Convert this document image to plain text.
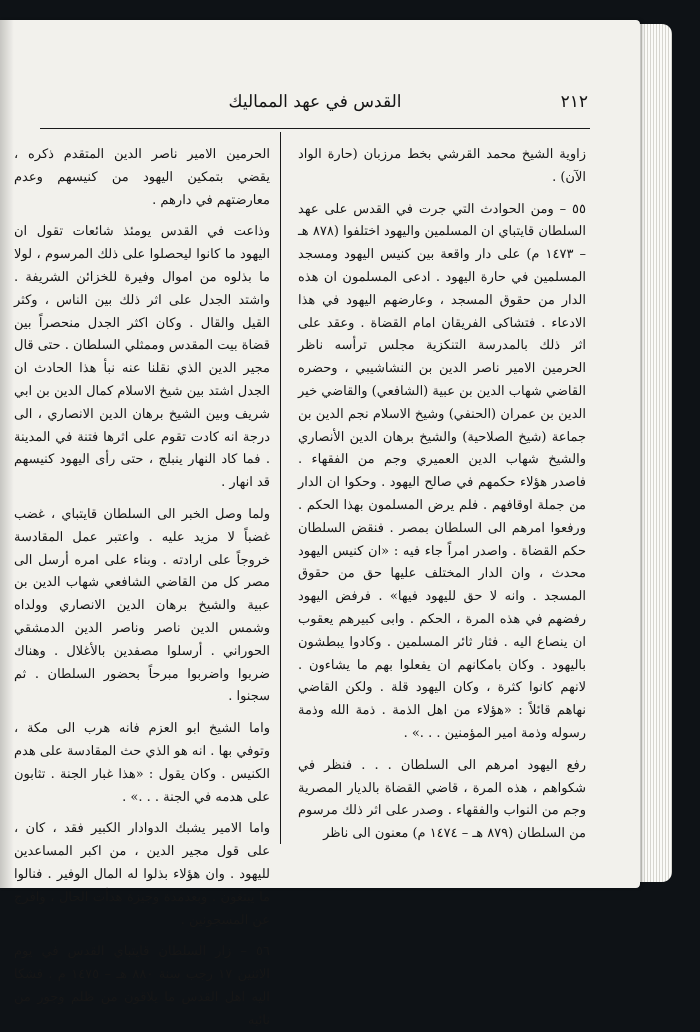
٢١٢
القدس في عهد المماليك

زاوية الشيخ محمد القرشي بخط مرزبان (حارة الواد الآن) .

٥٥ – ومن الحوادث التي جرت في القدس على عهد السلطان قايتباي ان المسلمين واليهود اختلفوا (٨٧٨ هـ – ١٤٧٣ م) على دار واقعة بين كنيس اليهود ومسجد المسلمين في حارة اليهود . ادعى المسلمون ان هذه الدار من حقوق المسجد ، وعارضهم اليهود في هذا الادعاء . فتشاكى الفريقان امام القضاة . وعقد على اثر ذلك بالمدرسة التنكزية مجلس ترأسه ناظر الحرمين الامير ناصر الدين بن النشاشيبي ، وحضره القاضي شهاب الدين بن عبية (الشافعي) والقاضي خير الدين بن عمران (الحنفي) وشيخ الاسلام نجم الدين بن جماعة (شيخ الصلاحية) والشيخ برهان الدين الأنصاري والشيخ شهاب الدين العميري وجم من الفقهاء . فاصدر هؤلاء حكمهم في صالح اليهود . وحكوا ان الدار من جملة اوقافهم . فلم يرض المسلمون بهذا الحكم . ورفعوا امرهم الى السلطان بمصر . فنقض السلطان حكم القضاة . واصدر امراً جاء فيه : «ان كنيس اليهود محدث ، وان الدار المختلف عليها حق من حقوق المسجد . وانه لا حق لليهود فيها» . فرفض اليهود رفضهم في هذه المرة ، الحكم . وابى كبيرهم يعقوب ان ينصاع اليه . فثار ثائر المسلمين . وكادوا يبطشون باليهود . وكان بامكانهم ان يفعلوا بهم ما يشاءون . لانهم كانوا كثرة ، وكان اليهود قلة . ولكن القاضي نهاهم قائلاً : «هؤلاء من اهل الذمة . ذمة الله وذمة رسوله وذمة امير المؤمنين . . .» .

رفع اليهود امرهم الى السلطان . . . فنظر في شكواهم ، هذه المرة ، قاضي القضاة بالديار المصرية وجم من النواب والفقهاء . وصدر على اثر ذلك مرسوم من السلطان (٨٧٩ هـ – ١٤٧٤ م) معنون الى ناظر

الحرمين الامير ناصر الدين المتقدم ذكره ، يقضي بتمكين اليهود من كنيسهم وعدم معارضتهم في دارهم .

وذاعت في القدس يومئذ شائعات تقول ان اليهود ما كانوا ليحصلوا على ذلك المرسوم ، لولا ما بذلوه من اموال وفيرة للخزائن الشريفة . واشتد الجدل على اثر ذلك بين الناس ، وكثر القيل والقال . وكان اكثر الجدل منحصراً بين قضاة بيت المقدس وممثلي السلطان . حتى قال مجير الدين الذي نقلنا عنه نبأ هذا الحادث ان الجدل اشتد بين شيخ الاسلام كمال الدين بن ابي شريف وبين الشيخ برهان الدين الانصاري ، الى درجة انه كادت تقوم على اثرها فتنة في المدينة . فما كاد النهار ينبلج ، حتى رأى اليهود كنيسهم قد انهار .

ولما وصل الخبر الى السلطان قايتباي ، غضب غضباً لا مزيد عليه . واعتبر عمل المقادسة خروجاً على ارادته . وبناء على امره أرسل الى مصر كل من القاضي الشافعي شهاب الدين بن عبية والشيخ برهان الدين الانصاري وولداه وشمس الدين ناصر وناصر الدين الدمشقي الحوراني . أرسلوا مصفدين بالأغلال . وهناك ضربوا واضربوا مبرحاً بحضور السلطان . ثم سجنوا .

واما الشيخ ابو العزم فانه هرب الى مكة ، وتوفي بها . انه هو الذي حث المقادسة على هدم الكنيس . وكان يقول : «هذا غبار الجنة . تثابون على هدمه في الجنة . . .» .

واما الامير يشبك الدوادار الكبير فقد ، كان ، على قول مجير الدين ، من اكبر المساعدين لليهود . وان هؤلاء بذلوا له المال الوفير . فنالوا ما يبتغون . وبعدمدة وجيزة هدأت الحال ، وافرج عن المسجونين .

٥٦ – زار السلطان قايتباي القدس في يوم الاثنين ١٧ رجب سنة ٨٨٠ هـ – ١٤٧٥ م . فشكا اليه اهل القدس ما يلاقون من ظلم وجور من نائبه
